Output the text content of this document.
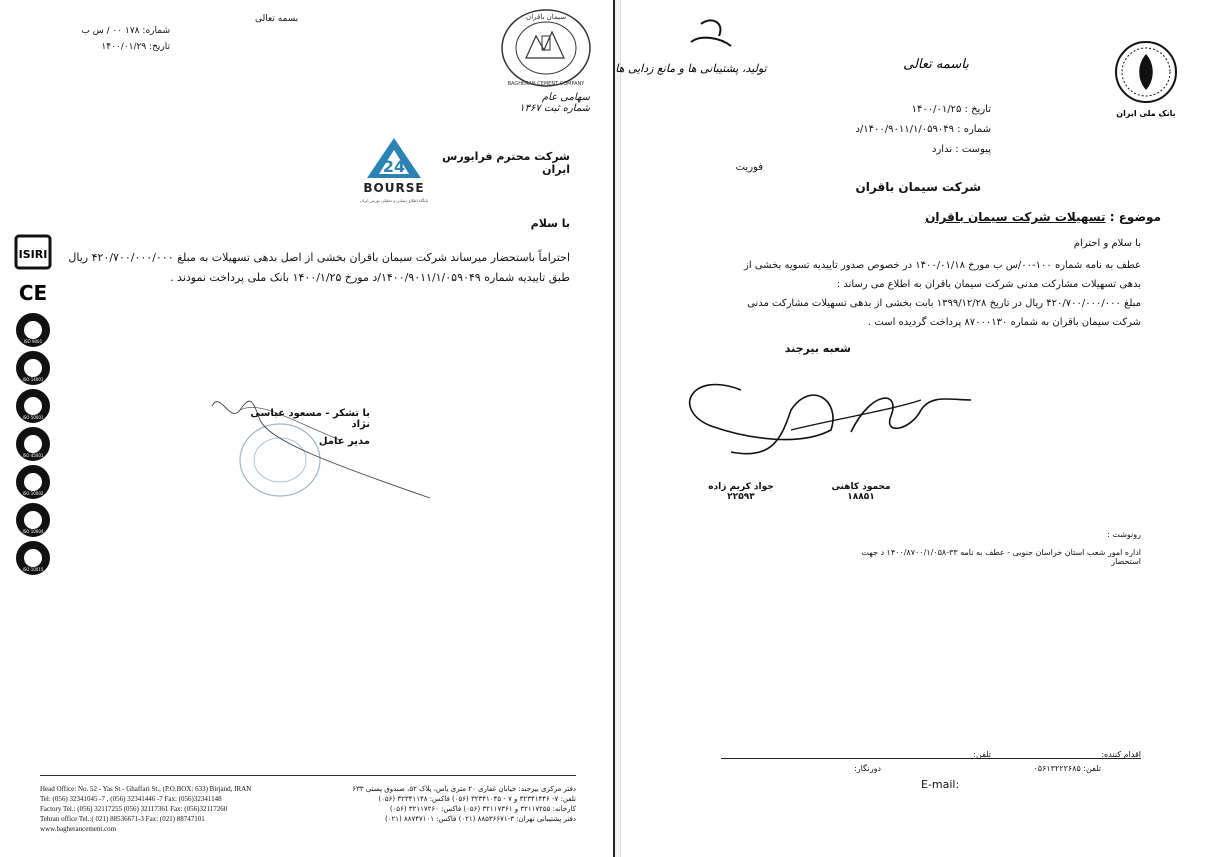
بسمه تعالی
شماره: ۱۷۸ ۰۰ / س ب
تاریخ: ۱۴۰۰/۰۱/۲۹
سیمان باقران
BAGHERAN CEMENT COMPANY
سهامی عام
شماره ثبت ۱۳۶۷
24
BOURSE
پایگاه اطلاع رسانی و تحلیلی بورس ایران
شرکت محترم فرابورس ایران
با سلام
احتراماً باستحضار میرساند شرکت سیمان باقران بخشی از اصل بدهی تسهیلات به مبلغ ۴۲۰/۷۰۰/۰۰۰/۰۰۰ ریال طبق تاییدیه شماره ۱۴۰۰/۹۰۱۱/۱/۰۵۹۰۴۹/د مورخ ۱۴۰۰/۱/۲۵ بانک ملی پرداخت نمودند .
با تشکر - مسعود عباسی نژاد
مدیر عامل
ISIRI
CE
ISO 9001
ISO 14001
ISO 50001
ISO 45001
ISO 10002
ISO 10004
ISO 10015
Head Office: No. 52 - Yas St - Ghaffari St., (P.O.BOX: 633) Birjand, IRAN
Tel: (056) 32341045 -7 , (056) 32341446 -7 Fax: (056)32341148
Factory Tel.: (056) 32117255 (056) 32117361 Fax: (056)32117260
Tehran office Tel.:( 021) 88536671-3 Fax: (021) 88747101
www.bagherancement.com
دفتر مرکزی بیرجند: خیابان غفاری ۲۰ متری یاس، پلاک ۵۲، صندوق پستی ۶۳۳
تلفن: ۷- ۳۲۳۴۱۴۴۶ و ۷ - ۳۲۳۴۱۰۴۵ (۰۵۶) فاکس: ۳۲۳۴۱۱۴۸ (۰۵۶)
کارخانه: ۳۲۱۱۷۲۵۵ و ۳۲۱۱۷۳۶۱ (۰۵۶) فاکس: ۳۲۱۱۷۲۶۰ (۰۵۶)
دفتر پشتیبانی تهران: ۳-۸۸۵۳۶۶۷۱ (۰۲۱) فاکس: ۸۸۷۴۷۱۰۱ (۰۲۱)
تولید، پشتیبانی ها و مانع زدایی ها	باسمه تعالی
بانک ملی ایران
تاریخ : ۱۴۰۰/۰۱/۲۵
شماره : ۱۴۰۰/۹۰۱۱/۱/۰۵۹۰۴۹/د
پیوست : ندارد
فوریت
شرکت سیمان باقران
موضوع : تسهیلات شرکت سیمان باقران
با سلام و احترام
عطف به نامه شماره ۱۰۰-۰۰/س ب مورخ ۱۴۰۰/۰۱/۱۸ در خصوص صدور تاییدیه تسویه بخشی از
بدهی تسهیلات مشارکت مدنی شرکت سیمان باقران به اطلاع می رساند :
مبلغ ۴۲۰/۷۰۰/۰۰۰/۰۰۰ ریال در تاریخ ۱۳۹۹/۱۲/۲۸ بابت بخشی از بدهی تسهیلات مشارکت مدنی
شرکت سیمان باقران به شماره ۸۷۰۰۰۱۳۰ پرداخت گردیده است .
شعبه بیرجند
محمود کاهنی
۱۸۸۵۱
جواد کریم زاده
۲۲۵۹۳
رونوشت :
اداره امور شعب استان خراسان جنوبی - عطف به نامه ۳۳-۱۴۰۰/۸۷۰۰/۱/۰۵۸ د جهت استحضار
اقدام کننده:
تلفن:
تلفن: ۰۵۶۱۳۲۲۲۶۸۵
دورنگار:
E-mail:
